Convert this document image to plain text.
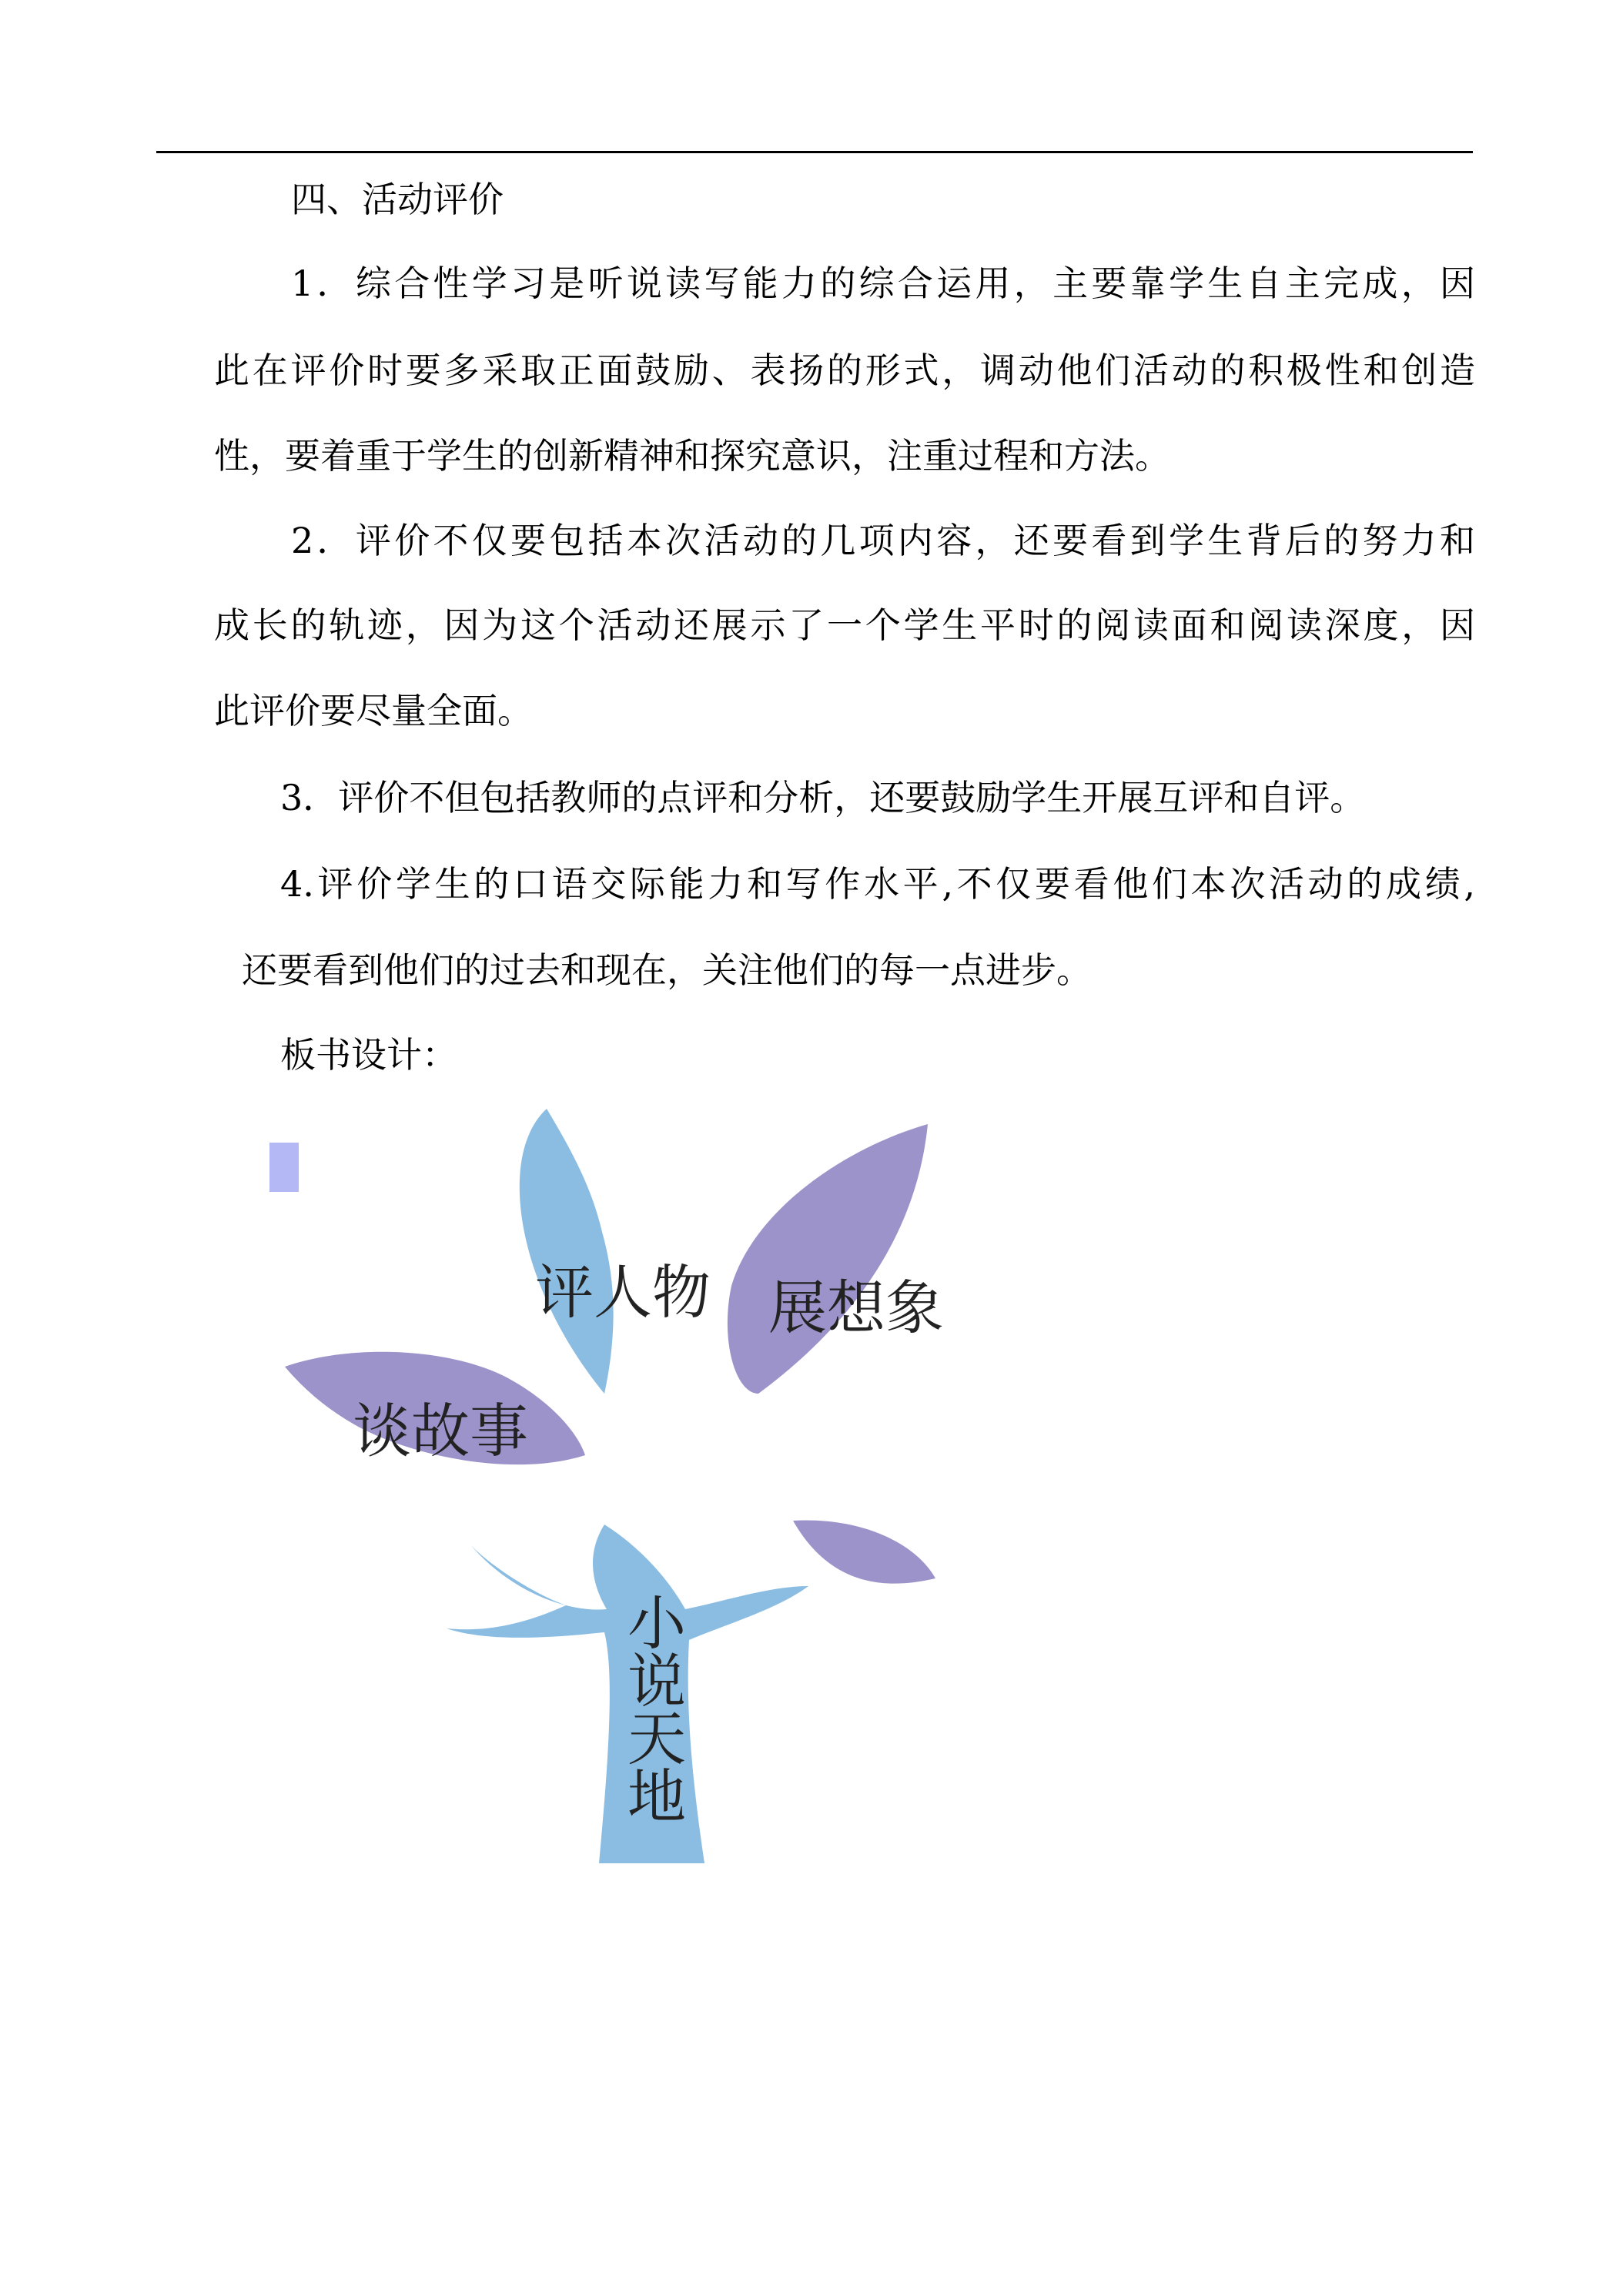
四、活动评价
1．综合性学习是听说读写能力的综合运用，主要靠学生自主完成，因
此在评价时要多采取正面鼓励、表扬的形式，调动他们活动的积极性和创造
性，要着重于学生的创新精神和探究意识，注重过程和方法。
2．评价不仅要包括本次活动的几项内容，还要看到学生背后的努力和
成长的轨迹，因为这个活动还展示了一个学生平时的阅读面和阅读深度，因
此评价要尽量全面。
3．评价不但包括教师的点评和分析，还要鼓励学生开展互评和自评。
4.评价学生的口语交际能力和写作水平,不仅要看他们本次活动的成绩,
还要看到他们的过去和现在，关注他们的每一点进步。
板书设计：
评人物 展想象
谈故事
小
说
天
地
